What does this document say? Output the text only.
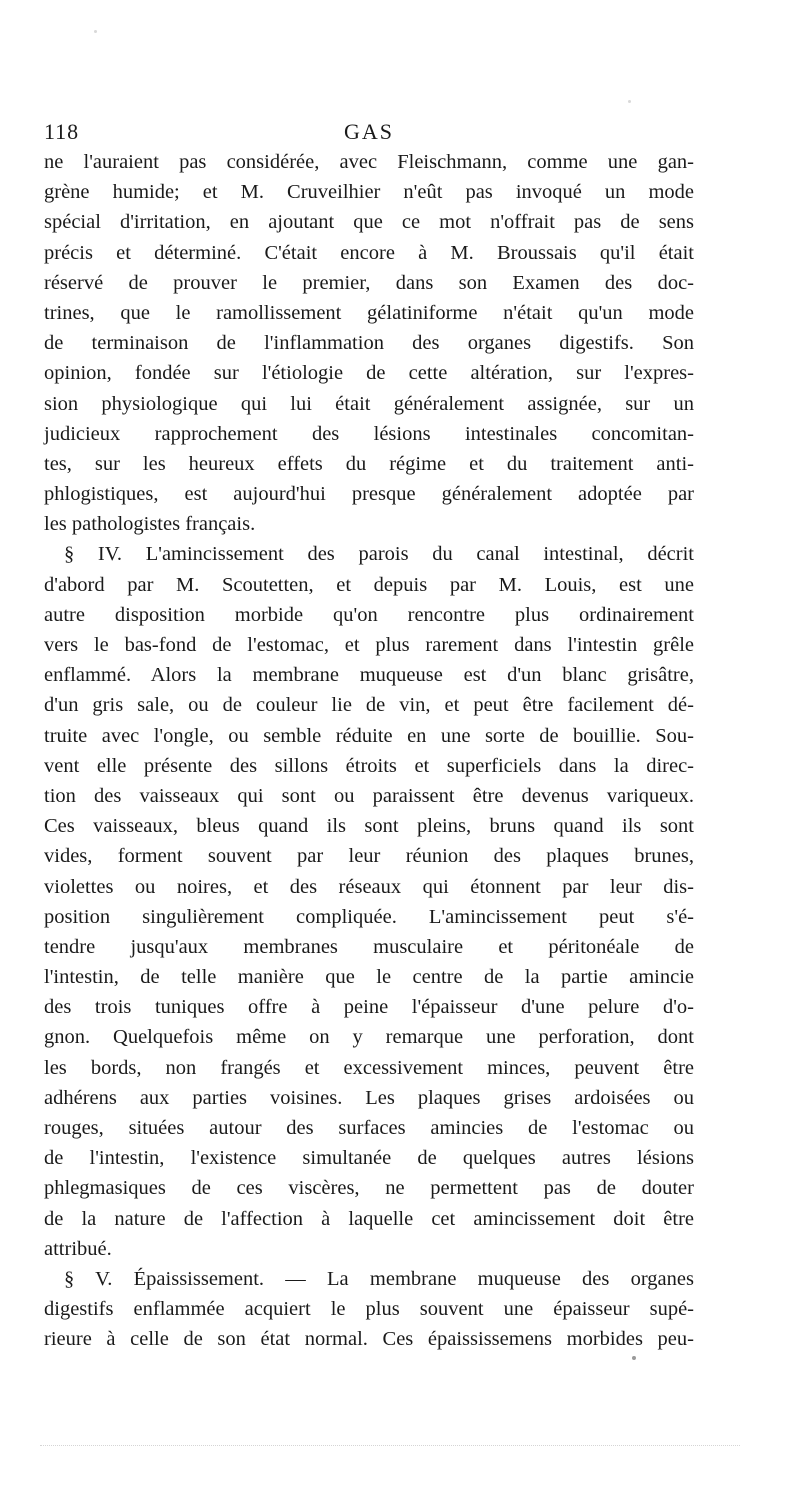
118	GAS
ne l'auraient pas considérée, avec Fleischmann, comme une gan-
grène humide; et M. Cruveilhier n'eût pas invoqué un mode
spécial d'irritation, en ajoutant que ce mot n'offrait pas de sens
précis et déterminé. C'était encore à M. Broussais qu'il était
réservé de prouver le premier, dans son Examen des doc-
trines, que le ramollissement gélatiniforme n'était qu'un mode
de terminaison de l'inflammation des organes digestifs. Son
opinion, fondée sur l'étiologie de cette altération, sur l'expres-
sion physiologique qui lui était généralement assignée, sur un
judicieux rapprochement des lésions intestinales concomitan-
tes, sur les heureux effets du régime et du traitement anti-
phlogistiques, est aujourd'hui presque généralement adoptée par
les pathologistes français.
§ IV. L'amincissement des parois du canal intestinal, décrit
d'abord par M. Scoutetten, et depuis par M. Louis, est une
autre disposition morbide qu'on rencontre plus ordinairement
vers le bas-fond de l'estomac, et plus rarement dans l'intestin grêle
enflammé. Alors la membrane muqueuse est d'un blanc grisâtre,
d'un gris sale, ou de couleur lie de vin, et peut être facilement dé-
truite avec l'ongle, ou semble réduite en une sorte de bouillie. Sou-
vent elle présente des sillons étroits et superficiels dans la direc-
tion des vaisseaux qui sont ou paraissent être devenus variqueux.
Ces vaisseaux, bleus quand ils sont pleins, bruns quand ils sont
vides, forment souvent par leur réunion des plaques brunes,
violettes ou noires, et des réseaux qui étonnent par leur dis-
position singulièrement compliquée. L'amincissement peut s'é-
tendre jusqu'aux membranes musculaire et péritonéale de
l'intestin, de telle manière que le centre de la partie amincie
des trois tuniques offre à peine l'épaisseur d'une pelure d'o-
gnon. Quelquefois même on y remarque une perforation, dont
les bords, non frangés et excessivement minces, peuvent être
adhérens aux parties voisines. Les plaques grises ardoisées ou
rouges, situées autour des surfaces amincies de l'estomac ou
de l'intestin, l'existence simultanée de quelques autres lésions
phlegmasiques de ces viscères, ne permettent pas de douter
de la nature de l'affection à laquelle cet amincissement doit être
attribué.
§ V. Épaississement. — La membrane muqueuse des organes
digestifs enflammée acquiert le plus souvent une épaisseur supé-
rieure à celle de son état normal. Ces épaississemens morbides peu-
